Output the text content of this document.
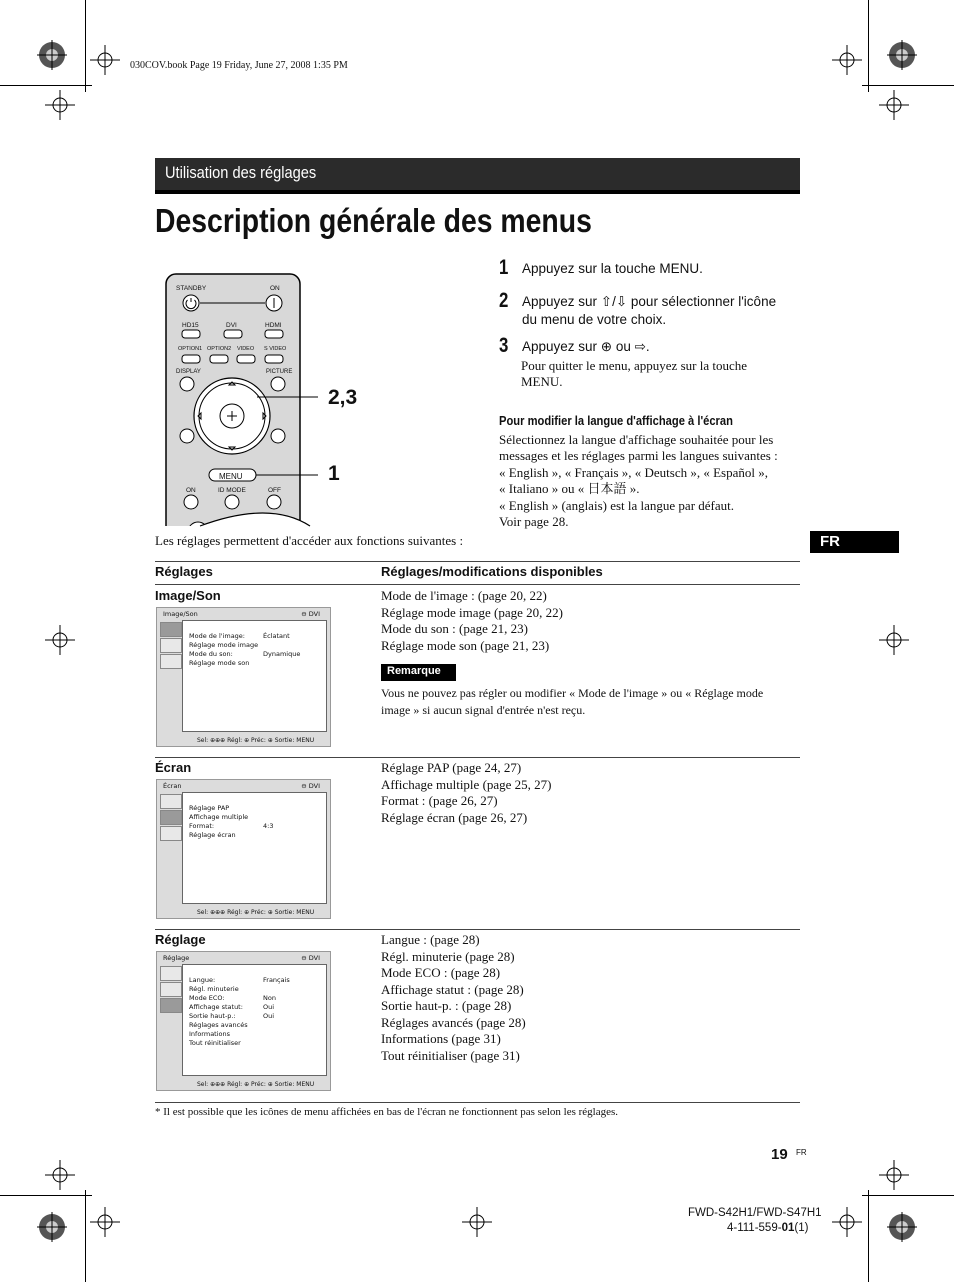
030COV.book Page 19 Friday, June 27, 2008 1:35 PM
Utilisation des réglages
Description générale des menus
STANDBY	ON
HD15	DVI	HDMI
OPTION1 OPTION2 VIDEO S VIDEO
DISPLAY	PICTURE
MENU
ON	ID MODE	OFF
2,3
1
1 Appuyez sur la touche MENU.
2 Appuyez sur ⇧/⇩ pour sélectionner l'icône
du menu de votre choix.
3 Appuyez sur ⊕ ou ⇨.
Pour quitter le menu, appuyez sur la touche
MENU.
Pour modifier la langue d'affichage à l'écran
Sélectionnez la langue d'affichage souhaitée pour les
messages et les réglages parmi les langues suivantes :
« English », « Français », « Deutsch », « Español »,
« Italiano » ou « 日本語 ».
« English » (anglais) est la langue par défaut.
Voir page 28.
Les réglages permettent d'accéder aux fonctions suivantes :	FR
Réglages	Réglages/modifications disponibles
Image/Son	Mode de l'image : (page 20, 22)
Réglage mode image (page 20, 22)
Mode du son : (page 21, 23)
Réglage mode son (page 21, 23)
Remarque
Vous ne pouvez pas régler ou modifier « Mode de l'image » ou « Réglage mode
image » si aucun signal d'entrée n'est reçu.
Image/Son	⊖ DVI
Mode de l'image:	Éclatant
Réglage mode image
Mode du son:	Dynamique
Réglage mode son
Sel: ⊕⊕⊕ Régl: ⊕ Préc: ⊕ Sortie: MENU
Écran	Réglage PAP (page 24, 27)
Affichage multiple (page 25, 27)
Format : (page 26, 27)
Réglage écran (page 26, 27)
Écran	⊖ DVI
Réglage PAP
Affichage multiple
Format:	4:3
Réglage écran
Sel: ⊕⊕⊕ Régl: ⊕ Préc: ⊕ Sortie: MENU
Réglage	Langue : (page 28)
Régl. minuterie (page 28)
Mode ECO : (page 28)
Affichage statut : (page 28)
Sortie haut-p. : (page 28)
Réglages avancés (page 28)
Informations (page 31)
Tout réinitialiser (page 31)
Réglage	⊖ DVI
Langue:	Français
Régl. minuterie
Mode ECO:	Non
Affichage statut:	Oui
Sortie haut-p.:	Oui
Réglages avancés
Informations
Tout réinitialiser
Sel: ⊕⊕⊕ Régl: ⊕ Préc: ⊕ Sortie: MENU
* Il est possible que les icônes de menu affichées en bas de l'écran ne fonctionnent pas selon les réglages.
19 FR
FWD-S42H1/FWD-S47H1
4-111-559-01(1)
